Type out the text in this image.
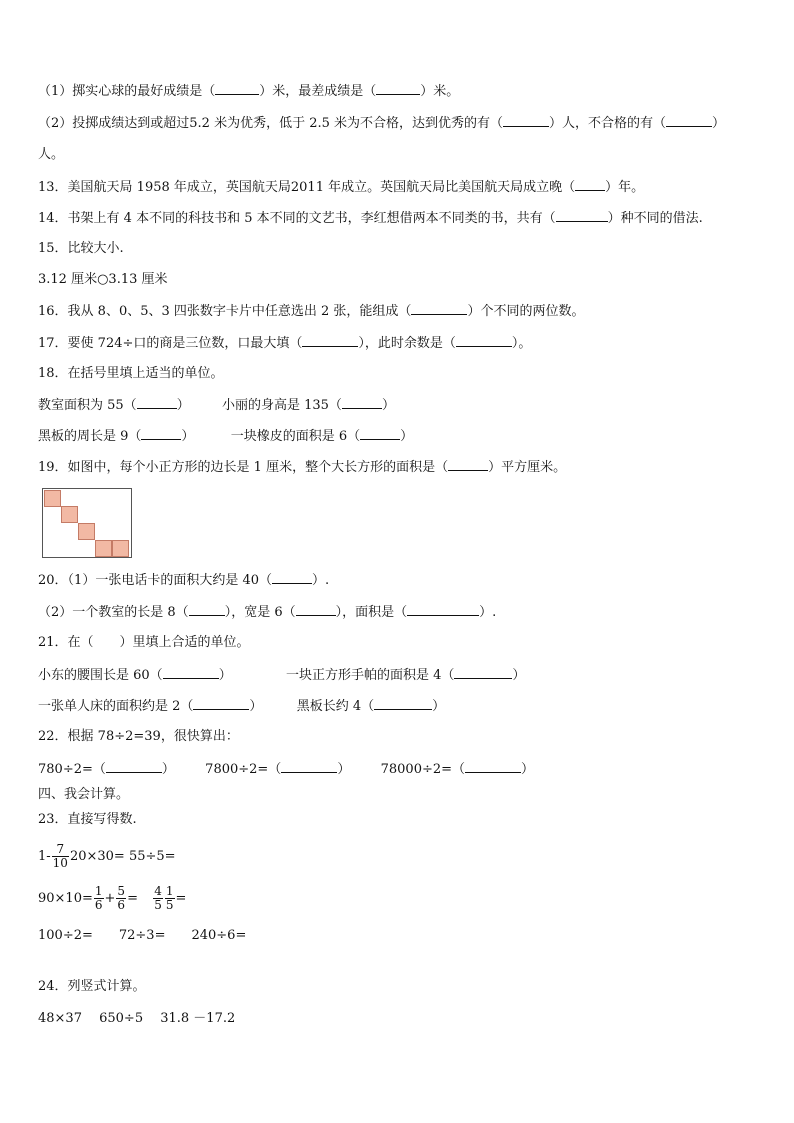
（1）掷实心球的最好成绩是（	）米，最差成绩是（	）米。
（2）投掷成绩达到或超过5.2 米为优秀，低于 2.5 米为不合格，达到优秀的有（	）人，不合格的有（	）
人。
13．美国航天局 1958 年成立，英国航天局2011 年成立。英国航天局比美国航天局成立晚（ ）年。
14．书架上有 4 本不同的科技书和 5 本不同的文艺书，李红想借两本不同类的书，共有（	）种不同的借法.
15．比较大小.
3.12 厘米○3.13 厘米
16．我从 8、0、5、3 四张数字卡片中任意选出 2 张，能组成（	）个不同的两位数。
17．要使 724÷口的商是三位数，口最大填（	），此时余数是（	）。
18．在括号里填上适当的单位。
教室面积为 55（	） 小丽的身高是 135（	）
黑板的周长是 9（	）	一块橡皮的面积是 6（	）
19．如图中，每个小正方形的边长是 1 厘米，整个大长方形的面积是（	）平方厘米。
20．（1）一张电话卡的面积大约是 40（	）.
（2）一个教室的长是 8（	），宽是 6（	），面积是（	）.
21．在（　　）里填上合适的单位。
小东的腰围长是 60（	）	一块正方形手帕的面积是 4（	）
一张单人床的面积约是 2（	）	黑板长约 4（	）
22．根据 78÷2=39，很快算出：
780÷2=（	） 7800÷2=（	） 78000÷2=（	）
四、我会计算。
23．直接写得数.
$1- \frac{7}{10} 20\times 30= 55\div 5=$
$90\times 10= \frac{1}{6} + \frac{5}{6} = \frac{4}{5} \frac{1}{5}$ =
100÷2=　　72÷3=　　240÷6=
24．列竖式计算。
48×37　 650÷5　 31.8 －17.2
